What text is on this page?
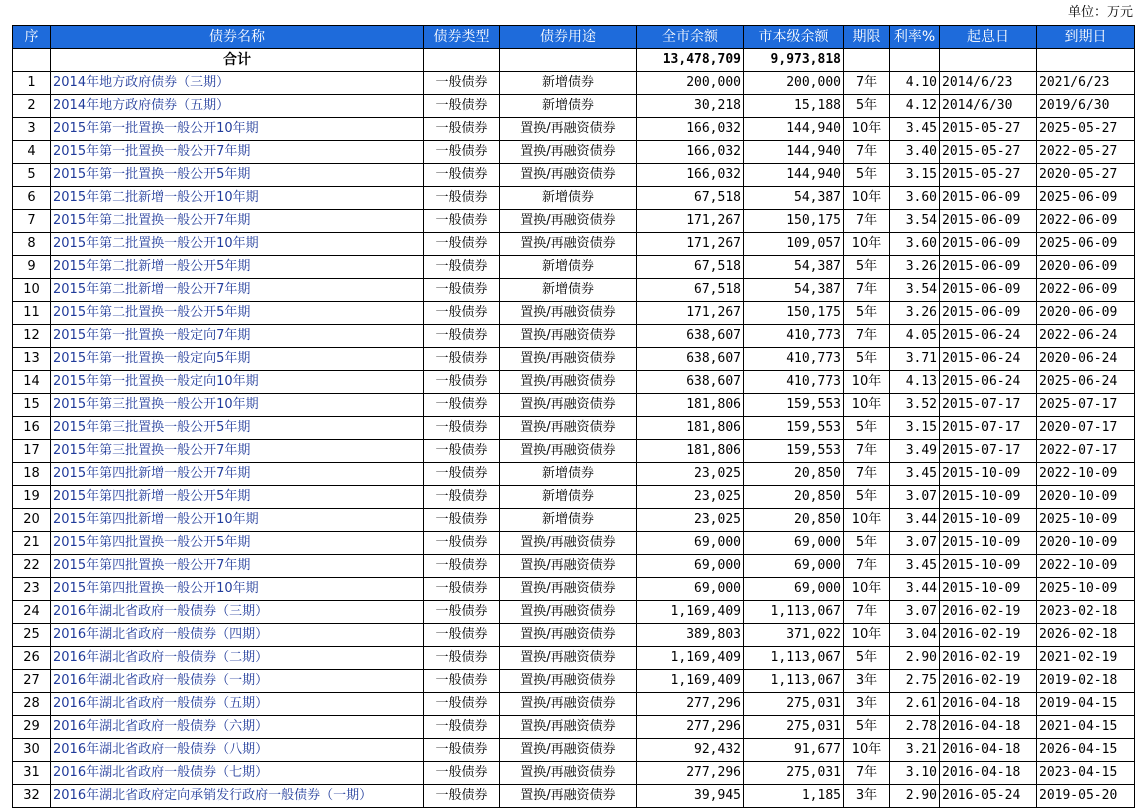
单位：万元
序	债券名称	债券类型	债券用途	全市余额	市本级余额	期限	利率%	起息日	到期日
	合计			13,478,709	9,973,818				
1	2014年地方政府债券（三期）	一般债券	新增债券	200,000	200,000	7年	4.10	2014/6/23	2021/6/23
2	2014年地方政府债券（五期）	一般债券	新增债券	30,218	15,188	5年	4.12	2014/6/30	2019/6/30
3	2015年第一批置换一般公开10年期	一般债券	置换/再融资债券	166,032	144,940	10年	3.45	2015-05-27	2025-05-27
4	2015年第一批置换一般公开7年期	一般债券	置换/再融资债券	166,032	144,940	7年	3.40	2015-05-27	2022-05-27
5	2015年第一批置换一般公开5年期	一般债券	置换/再融资债券	166,032	144,940	5年	3.15	2015-05-27	2020-05-27
6	2015年第二批新增一般公开10年期	一般债券	新增债券	67,518	54,387	10年	3.60	2015-06-09	2025-06-09
7	2015年第二批置换一般公开7年期	一般债券	置换/再融资债券	171,267	150,175	7年	3.54	2015-06-09	2022-06-09
8	2015年第二批置换一般公开10年期	一般债券	置换/再融资债券	171,267	109,057	10年	3.60	2015-06-09	2025-06-09
9	2015年第二批新增一般公开5年期	一般债券	新增债券	67,518	54,387	5年	3.26	2015-06-09	2020-06-09
10	2015年第二批新增一般公开7年期	一般债券	新增债券	67,518	54,387	7年	3.54	2015-06-09	2022-06-09
11	2015年第二批置换一般公开5年期	一般债券	置换/再融资债券	171,267	150,175	5年	3.26	2015-06-09	2020-06-09
12	2015年第一批置换一般定向7年期	一般债券	置换/再融资债券	638,607	410,773	7年	4.05	2015-06-24	2022-06-24
13	2015年第一批置换一般定向5年期	一般债券	置换/再融资债券	638,607	410,773	5年	3.71	2015-06-24	2020-06-24
14	2015年第一批置换一般定向10年期	一般债券	置换/再融资债券	638,607	410,773	10年	4.13	2015-06-24	2025-06-24
15	2015年第三批置换一般公开10年期	一般债券	置换/再融资债券	181,806	159,553	10年	3.52	2015-07-17	2025-07-17
16	2015年第三批置换一般公开5年期	一般债券	置换/再融资债券	181,806	159,553	5年	3.15	2015-07-17	2020-07-17
17	2015年第三批置换一般公开7年期	一般债券	置换/再融资债券	181,806	159,553	7年	3.49	2015-07-17	2022-07-17
18	2015年第四批新增一般公开7年期	一般债券	新增债券	23,025	20,850	7年	3.45	2015-10-09	2022-10-09
19	2015年第四批新增一般公开5年期	一般债券	新增债券	23,025	20,850	5年	3.07	2015-10-09	2020-10-09
20	2015年第四批新增一般公开10年期	一般债券	新增债券	23,025	20,850	10年	3.44	2015-10-09	2025-10-09
21	2015年第四批置换一般公开5年期	一般债券	置换/再融资债券	69,000	69,000	5年	3.07	2015-10-09	2020-10-09
22	2015年第四批置换一般公开7年期	一般债券	置换/再融资债券	69,000	69,000	7年	3.45	2015-10-09	2022-10-09
23	2015年第四批置换一般公开10年期	一般债券	置换/再融资债券	69,000	69,000	10年	3.44	2015-10-09	2025-10-09
24	2016年湖北省政府一般债券（三期）	一般债券	置换/再融资债券	1,169,409	1,113,067	7年	3.07	2016-02-19	2023-02-18
25	2016年湖北省政府一般债券（四期）	一般债券	置换/再融资债券	389,803	371,022	10年	3.04	2016-02-19	2026-02-18
26	2016年湖北省政府一般债券（二期）	一般债券	置换/再融资债券	1,169,409	1,113,067	5年	2.90	2016-02-19	2021-02-19
27	2016年湖北省政府一般债券（一期）	一般债券	置换/再融资债券	1,169,409	1,113,067	3年	2.75	2016-02-19	2019-02-18
28	2016年湖北省政府一般债券（五期）	一般债券	置换/再融资债券	277,296	275,031	3年	2.61	2016-04-18	2019-04-15
29	2016年湖北省政府一般债券（六期）	一般债券	置换/再融资债券	277,296	275,031	5年	2.78	2016-04-18	2021-04-15
30	2016年湖北省政府一般债券（八期）	一般债券	置换/再融资债券	92,432	91,677	10年	3.21	2016-04-18	2026-04-15
31	2016年湖北省政府一般债券（七期）	一般债券	置换/再融资债券	277,296	275,031	7年	3.10	2016-04-18	2023-04-15
32	2016年湖北省政府定向承销发行政府一般债券（一期）	一般债券	置换/再融资债券	39,945	1,185	3年	2.90	2016-05-24	2019-05-20
